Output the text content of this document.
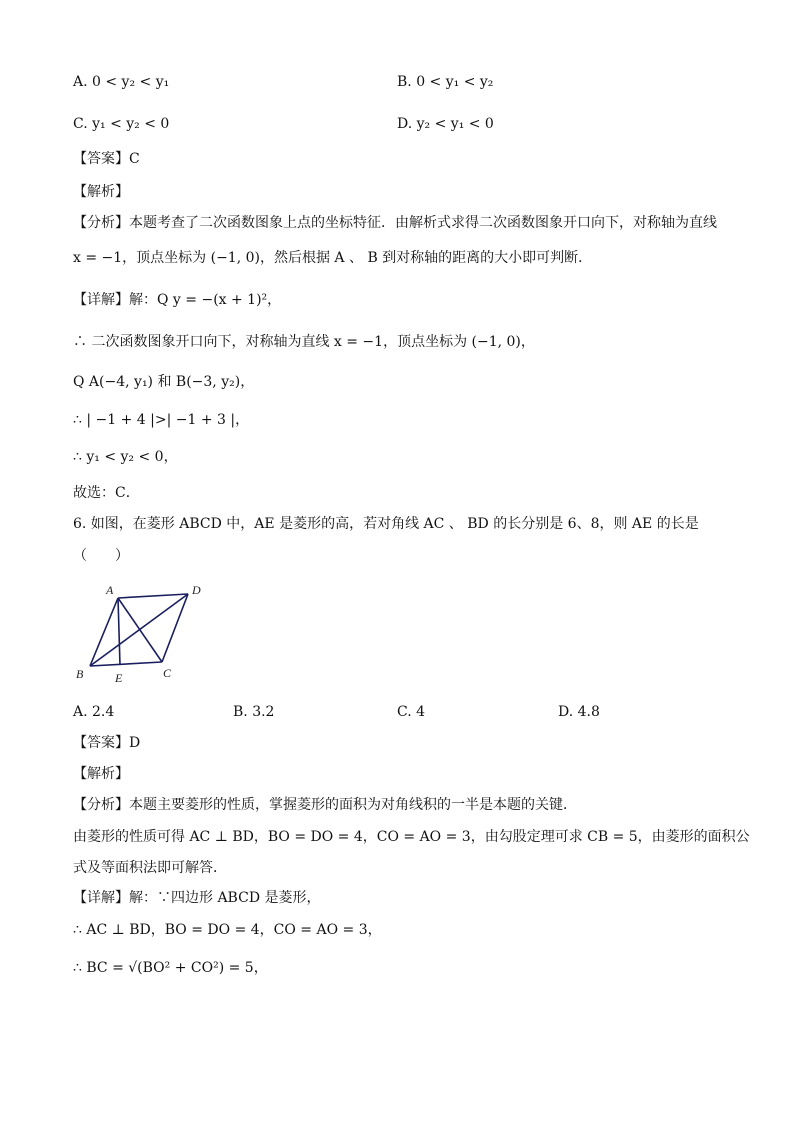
A. 0 < y₂ < y₁	B. 0 < y₁ < y₂
C. y₁ < y₂ < 0	D. y₂ < y₁ < 0
【答案】C
【解析】
【分析】本题考查了二次函数图象上点的坐标特征．由解析式求得二次函数图象开口向下，对称轴为直线
x = −1，顶点坐标为 (−1, 0)，然后根据 A 、 B 到对称轴的距离的大小即可判断．
【详解】解：Q y = −(x + 1)²，
∴ 二次函数图象开口向下，对称轴为直线 x = −1，顶点坐标为 (−1, 0)，
Q A(−4, y₁) 和 B(−3, y₂)，
∴ | −1 + 4 |>| −1 + 3 |，
∴ y₁ < y₂ < 0，
故选：C．
6. 如图，在菱形 ABCD 中，AE 是菱形的高，若对角线 AC 、 BD 的长分别是 6、8，则 AE 的长是
（　　）
A	D
B	E	C
A. 2.4	B. 3.2	C. 4	D. 4.8
【答案】D
【解析】
【分析】本题主要菱形的性质，掌握菱形的面积为对角线积的一半是本题的关键．
由菱形的性质可得 AC ⊥ BD，BO = DO = 4，CO = AO = 3，由勾股定理可求 CB = 5，由菱形的面积公
式及等面积法即可解答．
【详解】解：∵四边形 ABCD 是菱形，
∴ AC ⊥ BD，BO = DO = 4，CO = AO = 3，
∴ BC = √(BO² + CO²) = 5，
